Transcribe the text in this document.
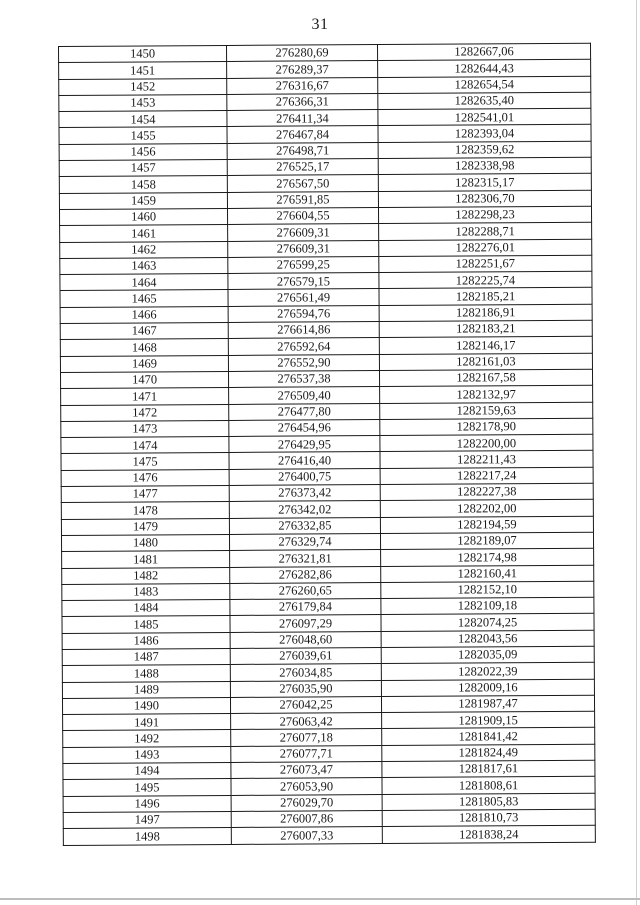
31
1450	276280,69	1282667,06
1451	276289,37	1282644,43
1452	276316,67	1282654,54
1453	276366,31	1282635,40
1454	276411,34	1282541,01
1455	276467,84	1282393,04
1456	276498,71	1282359,62
1457	276525,17	1282338,98
1458	276567,50	1282315,17
1459	276591,85	1282306,70
1460	276604,55	1282298,23
1461	276609,31	1282288,71
1462	276609,31	1282276,01
1463	276599,25	1282251,67
1464	276579,15	1282225,74
1465	276561,49	1282185,21
1466	276594,76	1282186,91
1467	276614,86	1282183,21
1468	276592,64	1282146,17
1469	276552,90	1282161,03
1470	276537,38	1282167,58
1471	276509,40	1282132,97
1472	276477,80	1282159,63
1473	276454,96	1282178,90
1474	276429,95	1282200,00
1475	276416,40	1282211,43
1476	276400,75	1282217,24
1477	276373,42	1282227,38
1478	276342,02	1282202,00
1479	276332,85	1282194,59
1480	276329,74	1282189,07
1481	276321,81	1282174,98
1482	276282,86	1282160,41
1483	276260,65	1282152,10
1484	276179,84	1282109,18
1485	276097,29	1282074,25
1486	276048,60	1282043,56
1487	276039,61	1282035,09
1488	276034,85	1282022,39
1489	276035,90	1282009,16
1490	276042,25	1281987,47
1491	276063,42	1281909,15
1492	276077,18	1281841,42
1493	276077,71	1281824,49
1494	276073,47	1281817,61
1495	276053,90	1281808,61
1496	276029,70	1281805,83
1497	276007,86	1281810,73
1498	276007,33	1281838,24
